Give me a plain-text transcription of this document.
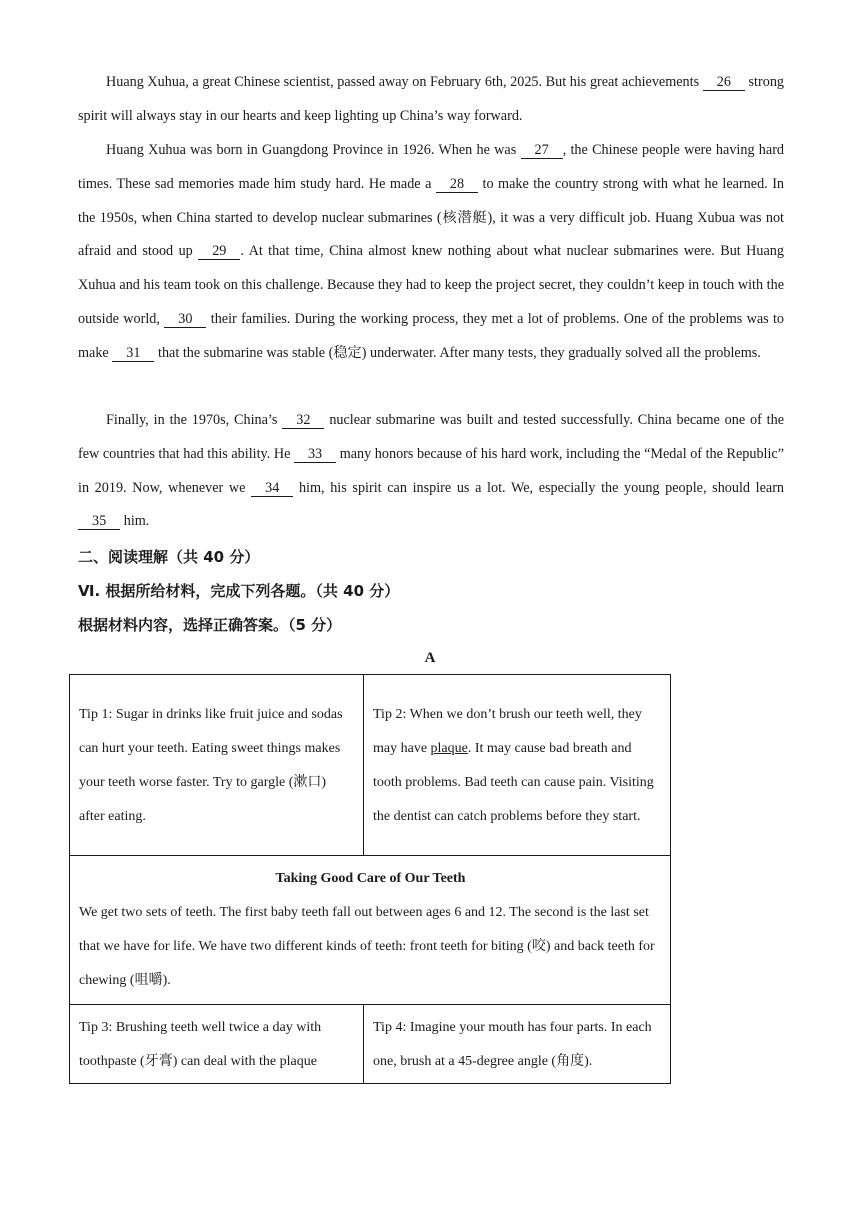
Huang Xuhua, a great Chinese scientist, passed away on February 6th, 2025. But his great achievements 26 strong spirit will always stay in our hearts and keep lighting up China’s way forward.

Huang Xuhua was born in Guangdong Province in 1926. When he was 27 , the Chinese people were having hard times. These sad memories made him study hard. He made a 28 to make the country strong with what he learned. In the 1950s, when China started to develop nuclear submarines (核潜艇), it was a very difficult job. Huang Xubua was not afraid and stood up 29 . At that time, China almost knew nothing about what nuclear submarines were. But Huang Xuhua and his team took on this challenge. Because they had to keep the project secret, they couldn’t keep in touch with the outside world, 30 their families. During the working process, they met a lot of problems. One of the problems was to make 31 that the submarine was stable (稳定) underwater. After many tests, they gradually solved all the problems.

Finally, in the 1970s, China’s 32 nuclear submarine was built and tested successfully. China became one of the few countries that had this ability. He 33 many honors because of his hard work, including the “Medal of the Republic” in 2019. Now, whenever we 34 him, his spirit can inspire us a lot. We, especially the young people, should learn 35 him.

二、阅读理解（共 40 分）

Ⅵ. 根据所给材料，完成下列各题。（共 40 分）

根据材料内容，选择正确答案。（5 分）

A
Tip 1: Sugar in drinks like fruit juice and sodas can hurt your teeth. Eating sweet things makes your teeth worse faster. Try to gargle (漱口) after eating.	Tip 2: When we don’t brush our teeth well, they may have plaque. It may cause bad breath and tooth problems. Bad teeth can cause pain. Visiting the dentist can catch problems before they start.

Taking Good Care of Our Teeth
We get two sets of teeth. The first baby teeth fall out between ages 6 and 12. The second is the last set that we have for life. We have two different kinds of teeth: front teeth for biting (咬) and back teeth for chewing (咀嚼).	
Tip 3: Brushing teeth well twice a day with toothpaste (牙膏) can deal with the plaque	Tip 4: Imagine your mouth has four parts. In each one, brush at a 45-degree angle (角度).
